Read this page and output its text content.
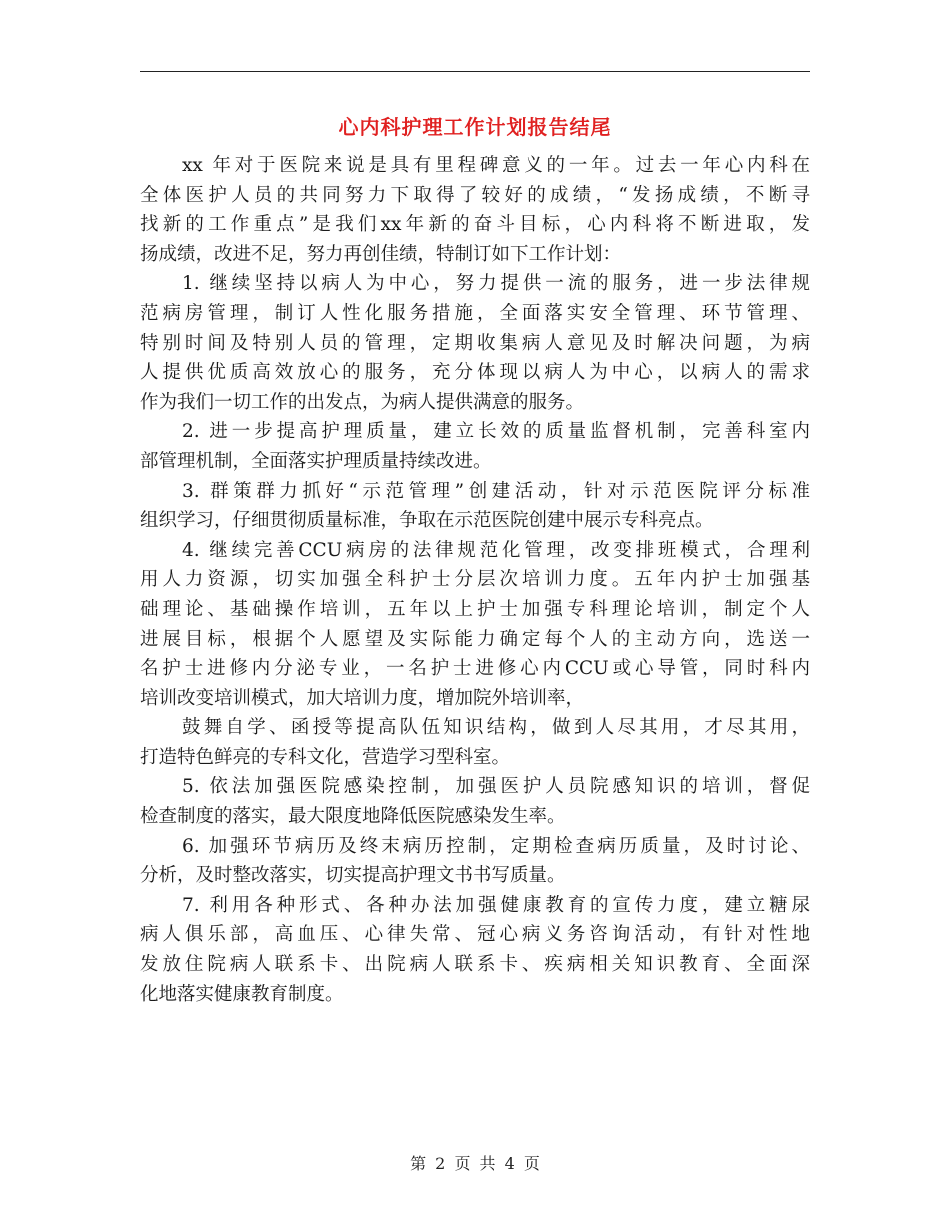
心内科护理工作计划报告结尾
xx 年对于医院来说是具有里程碑意义的一年。过去一年心内科在
全体医护人员的共同努力下取得了较好的成绩，“发扬成绩，不断寻
找新的工作重点”是我们xx年新的奋斗目标，心内科将不断进取，发
扬成绩，改进不足，努力再创佳绩，特制订如下工作计划：
1. 继续坚持以病人为中心，努力提供一流的服务，进一步法律规
范病房管理，制订人性化服务措施，全面落实安全管理、环节管理、
特别时间及特别人员的管理，定期收集病人意见及时解决问题，为病
人提供优质高效放心的服务，充分体现以病人为中心，以病人的需求
作为我们一切工作的出发点，为病人提供满意的服务。
2. 进一步提高护理质量，建立长效的质量监督机制，完善科室内
部管理机制，全面落实护理质量持续改进。
3. 群策群力抓好“示范管理”创建活动，针对示范医院评分标准
组织学习，仔细贯彻质量标准，争取在示范医院创建中展示专科亮点。
4. 继续完善CCU病房的法律规范化管理，改变排班模式，合理利
用人力资源，切实加强全科护士分层次培训力度。五年内护士加强基
础理论、基础操作培训，五年以上护士加强专科理论培训，制定个人
进展目标，根据个人愿望及实际能力确定每个人的主动方向，选送一
名护士进修内分泌专业，一名护士进修心内CCU或心导管，同时科内
培训改变培训模式，加大培训力度，增加院外培训率，
鼓舞自学、函授等提高队伍知识结构，做到人尽其用，才尽其用，
打造特色鲜亮的专科文化，营造学习型科室。
5. 依法加强医院感染控制，加强医护人员院感知识的培训，督促
检查制度的落实，最大限度地降低医院感染发生率。
6. 加强环节病历及终末病历控制，定期检查病历质量，及时讨论、
分析，及时整改落实，切实提高护理文书书写质量。
7. 利用各种形式、各种办法加强健康教育的宣传力度，建立糖尿
病人俱乐部，高血压、心律失常、冠心病义务咨询活动，有针对性地
发放住院病人联系卡、出院病人联系卡、疾病相关知识教育、全面深
化地落实健康教育制度。
第 2 页 共 4 页
